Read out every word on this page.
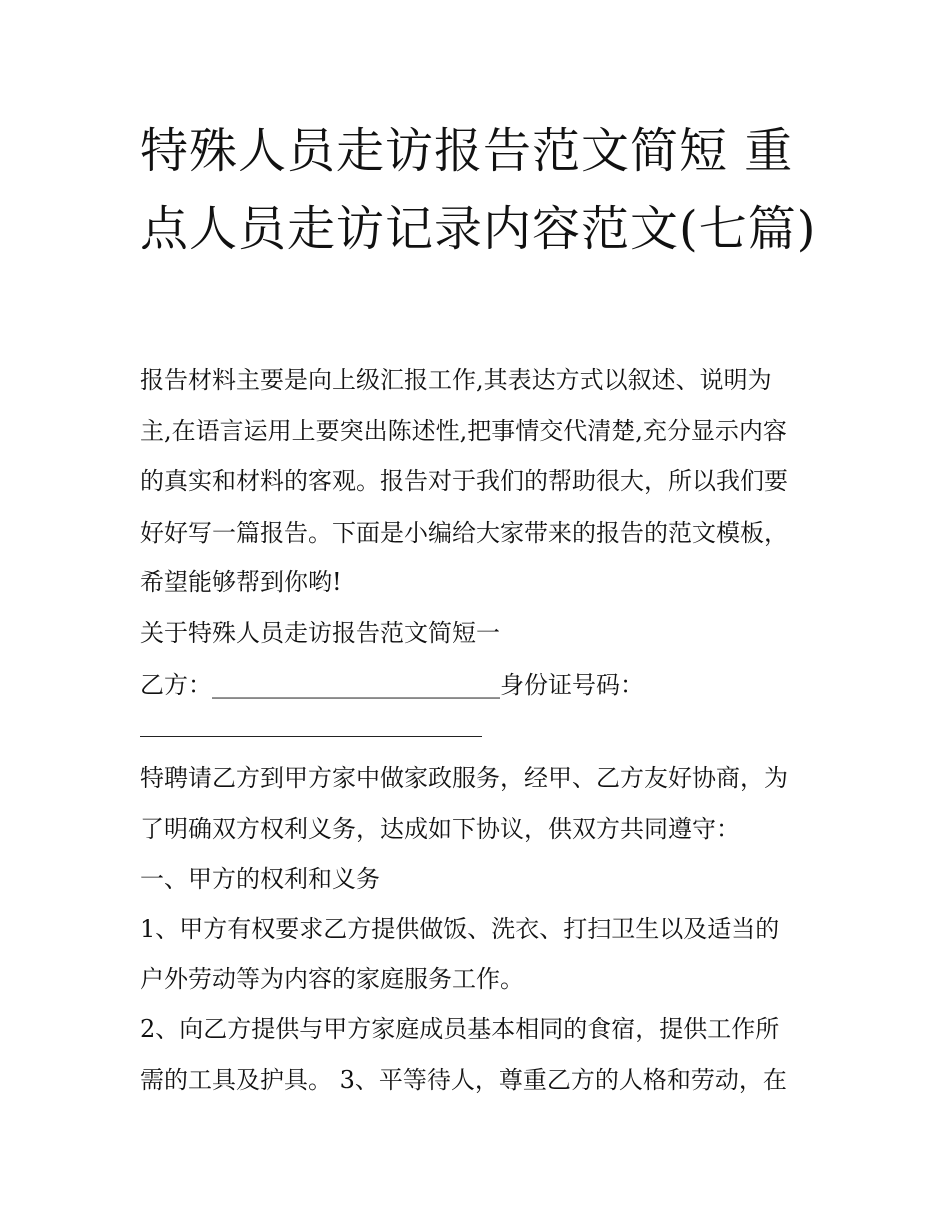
特殊人员走访报告范文简短 重点人员走访记录内容范文(七篇)

报告材料主要是向上级汇报工作,其表达方式以叙述、说明为

主,在语言运用上要突出陈述性,把事情交代清楚,充分显示内容

的真实和材料的客观。报告对于我们的帮助很大，所以我们要

好好写一篇报告。下面是小编给大家带来的报告的范文模板，

希望能够帮到你哟!

关于特殊人员走访报告范文简短一

乙方：________________________身份证号码：

特聘请乙方到甲方家中做家政服务，经甲、乙方友好协商，为

了明确双方权利义务，达成如下协议，供双方共同遵守：

一、甲方的权利和义务

1、甲方有权要求乙方提供做饭、洗衣、打扫卫生以及适当的

户外劳动等为内容的家庭服务工作。

2、向乙方提供与甲方家庭成员基本相同的食宿，提供工作所

需的工具及护具。 3、平等待人，尊重乙方的人格和劳动，在
